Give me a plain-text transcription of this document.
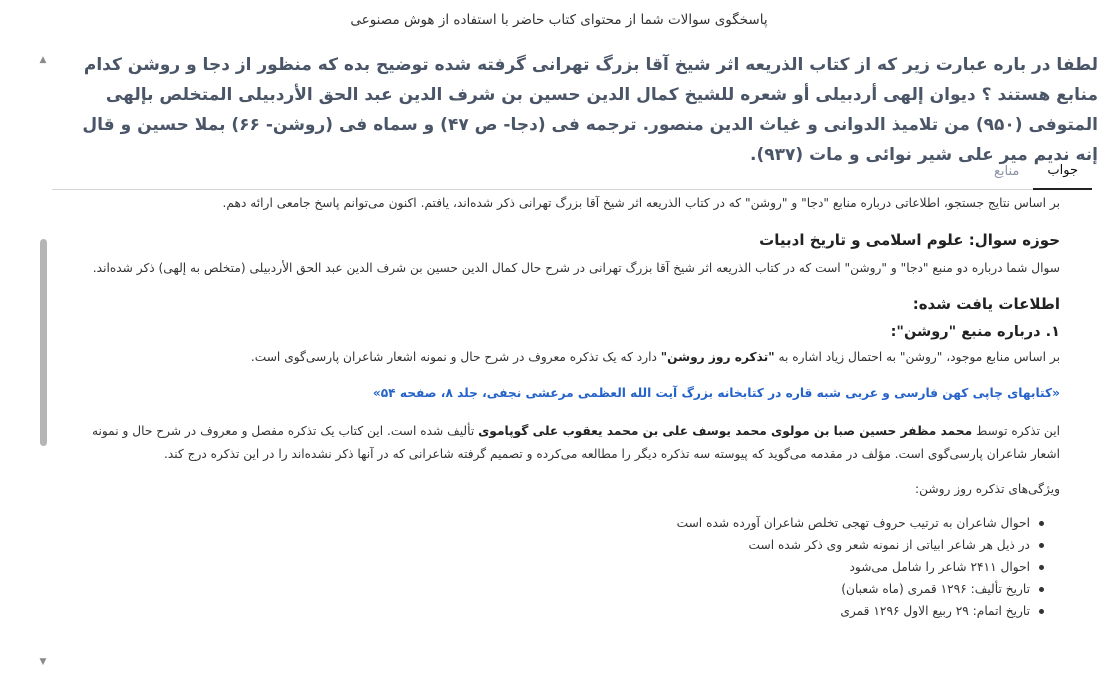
پاسخگوی سوالات شما از محتوای کتاب حاضر با استفاده از هوش مصنوعی
لطفا در باره عبارت زیر که از کتاب الذریعه اثر شیخ آقا بزرگ تهرانی گرفته شده توضیح بده که منظور از دجا و روشن کدام منابع هستند ؟ دیوان إلهی أردبیلی أو شعره للشیخ کمال الدین حسین بن شرف الدین عبد الحق الأردبیلی المتخلص بإلهی المتوفی (۹۵۰) من تلامیذ الدوانی و غیاث الدین منصور. ترجمه فی (دجا- ص ۴۷) و سماه فی (روشن- ۶۶) بملا حسین و قال إنه ندیم میر علی شیر نوائی و مات (۹۳۷).
جواب
منابع
▲
▼

بر اساس نتایج جستجو، اطلاعاتی درباره منابع "دجا" و "روشن" که در کتاب الذریعه اثر شیخ آقا بزرگ تهرانی ذکر شده‌اند، یافتم. اکنون می‌توانم پاسخ جامعی ارائه دهم.

حوزه سوال: علوم اسلامی و تاریخ ادبیات

سوال شما درباره دو منبع "دجا" و "روشن" است که در کتاب الذریعه اثر شیخ آقا بزرگ تهرانی در شرح حال کمال الدین حسین بن شرف الدین عبد الحق الأردبیلی (متخلص به إلهی) ذکر شده‌اند.

اطلاعات یافت شده:
۱. درباره منبع "روشن":

بر اساس منابع موجود، "روشن" به احتمال زیاد اشاره به "تذکره روز روشن" دارد که یک تذکره معروف در شرح حال و نمونه اشعار شاعران پارسی‌گوی است.

«کتابهای چاپی کهن فارسی و عربی شبه قاره در کتابخانه بزرگ آیت الله العظمی مرعشی نجفی، جلد ۸، صفحه ۵۴»

این تذکره توسط محمد مظفر حسین صبا بن مولوی محمد یوسف علی بن محمد یعقوب علی گوپاموی تألیف شده است. این کتاب یک تذکره مفصل و معروف در شرح حال و نمونه اشعار شاعران پارسی‌گوی است. مؤلف در مقدمه می‌گوید که پیوسته سه تذکره دیگر را مطالعه می‌کرده و تصمیم گرفته شاعرانی که در آنها ذکر نشده‌اند را در این تذکره درج کند.

ویژگی‌های تذکره روز روشن:

احوال شاعران به ترتیب حروف تهجی تخلص شاعران آورده شده است
در ذیل هر شاعر ابیاتی از نمونه شعر وی ذکر شده است
احوال ۲۴۱۱ شاعر را شامل می‌شود
تاریخ تألیف: ۱۲۹۶ قمری (ماه شعبان)
تاریخ اتمام: ۲۹ ربیع الاول ۱۲۹۶ قمری
